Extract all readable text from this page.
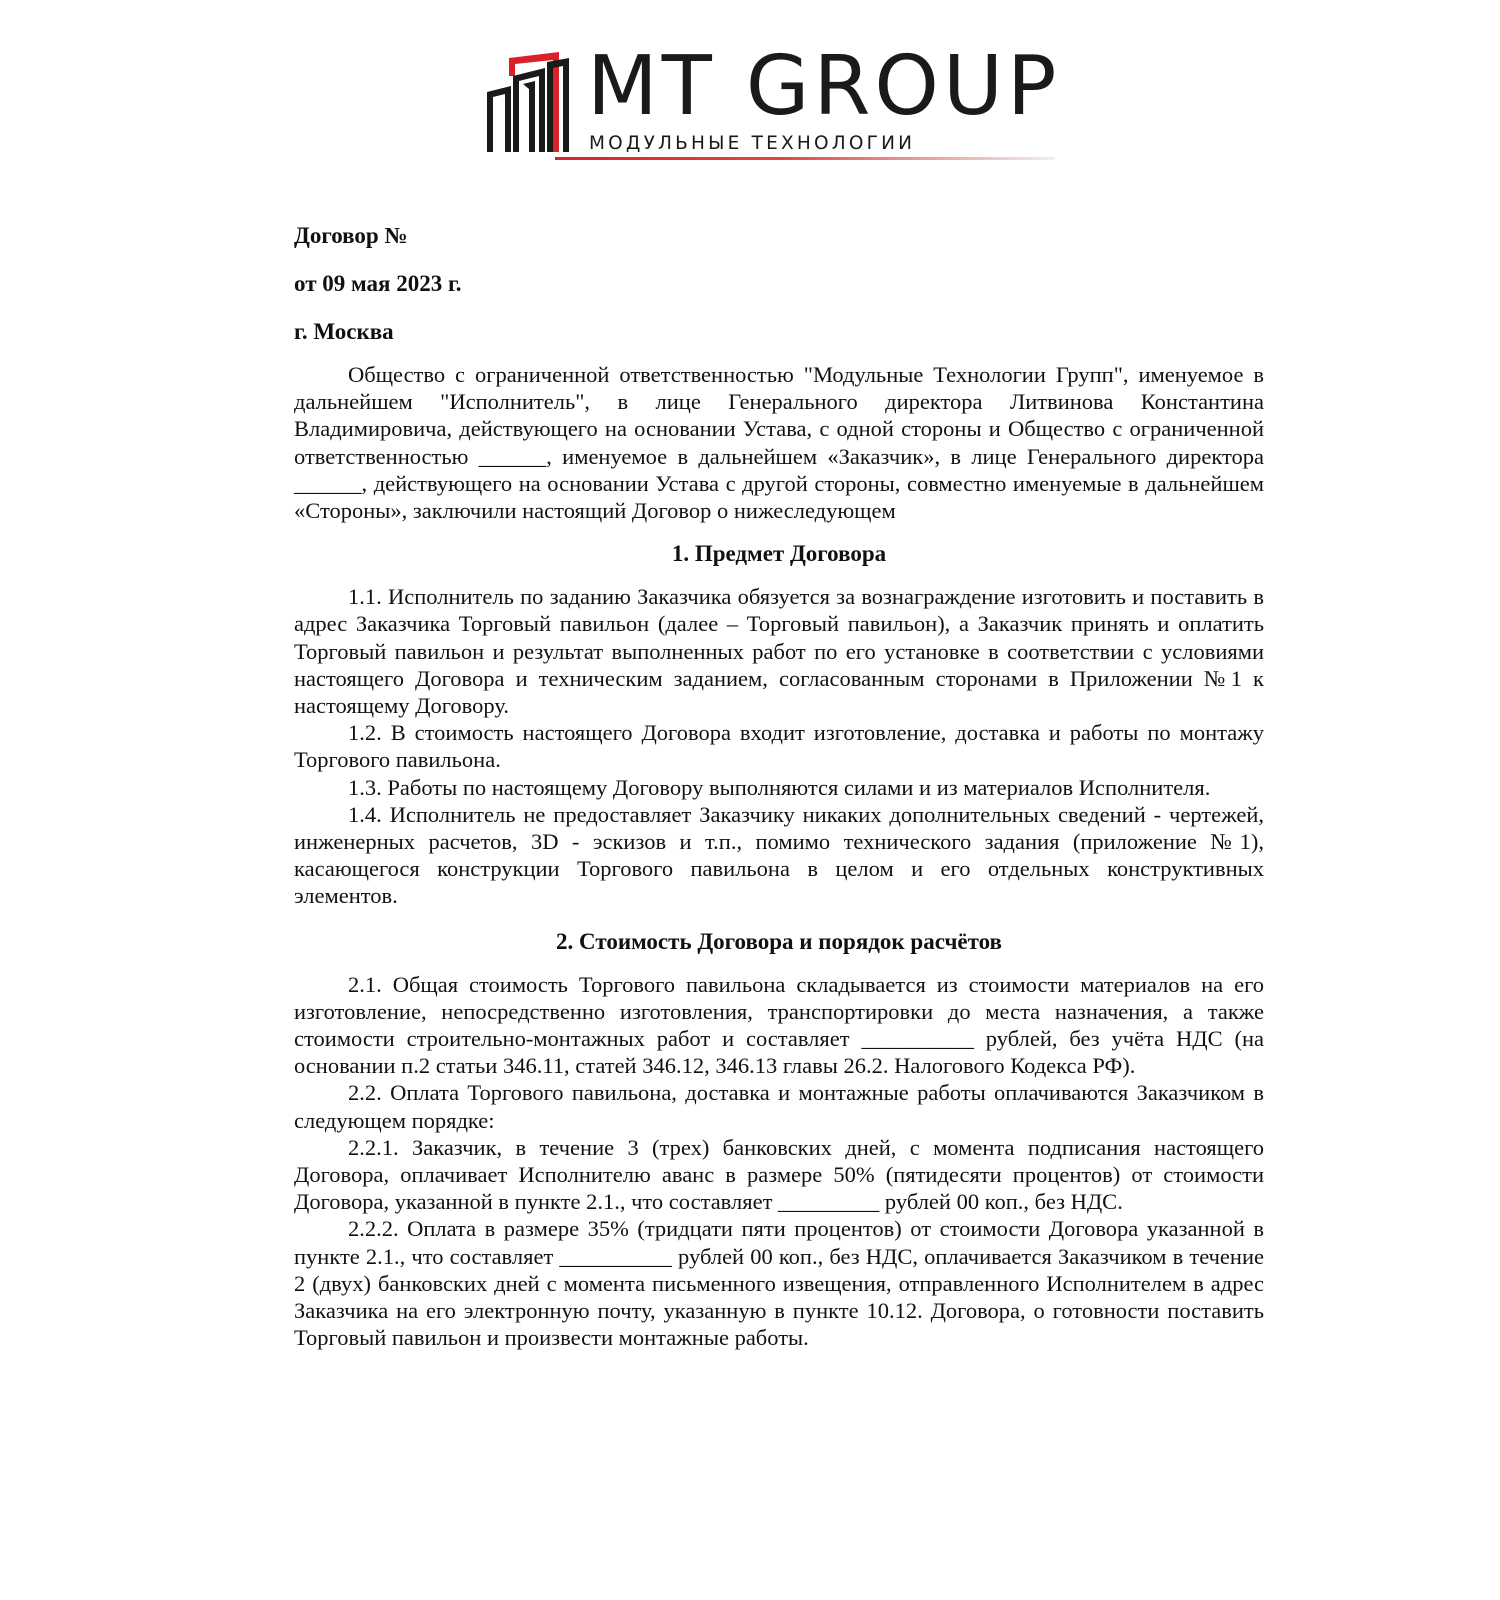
MT GROUP
МОДУЛЬНЫЕ ТЕХНОЛОГИИ
Договор №
от 09 мая 2023 г.
г. Москва

Общество с ограниченной ответственностью "Модульные Технологии Групп", именуемое в дальнейшем "Исполнитель", в лице Генерального директора Литвинова Константина Владимировича, действующего на основании Устава, с одной стороны и Общество с ограниченной ответственностью ______, именуемое в дальнейшем «Заказчик», в лице Генерального директора ______, действующего на основании Устава с другой стороны, совместно именуемые в дальнейшем «Стороны», заключили настоящий Договор о нижеследующем

1. Предмет Договора

1.1. Исполнитель по заданию Заказчика обязуется за вознаграждение изготовить и поставить в адрес Заказчика Торговый павильон (далее – Торговый павильон), а Заказчик принять и оплатить Торговый павильон и результат выполненных работ по его установке в соответствии с условиями настоящего Договора и техническим заданием, согласованным сторонами в Приложении №1 к настоящему Договору.

1.2. В стоимость настоящего Договора входит изготовление, доставка и работы по монтажу Торгового павильона.

1.3. Работы по настоящему Договору выполняются силами и из материалов Исполнителя.

1.4. Исполнитель не предоставляет Заказчику никаких дополнительных сведений - чертежей, инженерных расчетов, 3D - эскизов и т.п., помимо технического задания (приложение №1), касающегося конструкции Торгового павильона в целом и его отдельных конструктивных элементов.

2. Стоимость Договора и порядок расчётов

2.1. Общая стоимость Торгового павильона складывается из стоимости материалов на его изготовление, непосредственно изготовления, транспортировки до места назначения, а также стоимости строительно-монтажных работ и составляет __________ рублей, без учёта НДС (на основании п.2 статьи 346.11, статей 346.12, 346.13 главы 26.2. Налогового Кодекса РФ).

2.2. Оплата Торгового павильона, доставка и монтажные работы оплачиваются Заказчиком в следующем порядке:

2.2.1. Заказчик, в течение 3 (трех) банковских дней, с момента подписания настоящего Договора, оплачивает Исполнителю аванс в размере 50% (пятидесяти процентов) от стоимости Договора, указанной в пункте 2.1., что составляет _________ рублей 00 коп., без НДС.

2.2.2. Оплата в размере 35% (тридцати пяти процентов) от стоимости Договора указанной в пункте 2.1., что составляет __________ рублей 00 коп., без НДС, оплачивается Заказчиком в течение 2 (двух) банковских дней с момента письменного извещения, отправленного Исполнителем в адрес Заказчика на его электронную почту, указанную в пункте 10.12. Договора, о готовности поставить Торговый павильон и произвести монтажные работы.
